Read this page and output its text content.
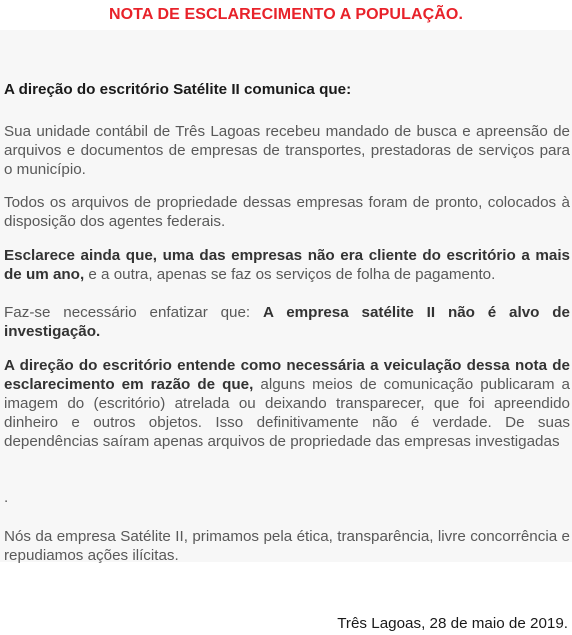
NOTA DE ESCLARECIMENTO A POPULAÇÃO.

A direção do escritório Satélite II comunica que:

Sua unidade contábil de Três Lagoas recebeu mandado de busca e apreensão de arquivos e documentos de empresas de transportes, prestadoras de serviços para o município.

Todos os arquivos de propriedade dessas empresas foram de pronto, colocados à disposição dos agentes federais.

Esclarece ainda que, uma das empresas não era cliente do escritório a mais de um ano, e a outra, apenas se faz os serviços de folha de pagamento.

Faz-se necessário enfatizar que: A empresa satélite II não é alvo de investigação.

A direção do escritório entende como necessária a veiculação dessa nota de esclarecimento em razão de que, alguns meios de comunicação publicaram a imagem do (escritório) atrelada ou deixando transparecer, que foi apreendido dinheiro e outros objetos. Isso definitivamente não é verdade. De suas dependências saíram apenas arquivos de propriedade das empresas investigadas

.

Nós da empresa Satélite II, primamos pela ética, transparência, livre concorrência e repudiamos ações ilícitas.

Três Lagoas, 28 de maio de 2019.
